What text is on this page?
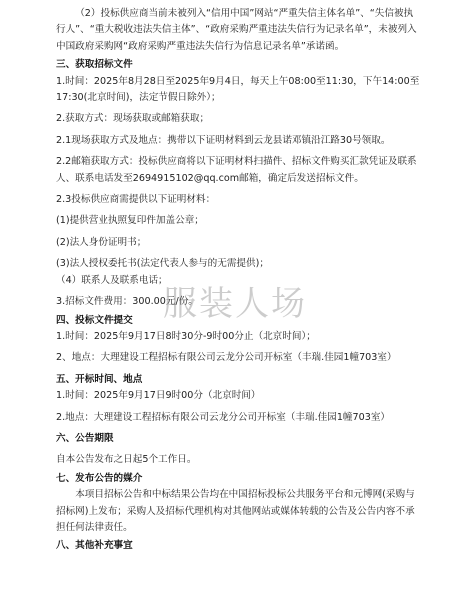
（2）投标供应商当前未被列入“信用中国”网站“严重失信主体名单”、“失信被执行人”、“重大税收违法失信主体”、“政府采购严重违法失信行为记录名单”，未被列入中国政府采购网“政府采购严重违法失信行为信息记录名单”承诺函。

三、获取招标文件

1.时间：2025年8月28日至2025年9月4日，每天上午08:00至11:30，下午14:00至17:30(北京时间)，法定节假日除外）；

2.获取方式：现场获取或邮箱获取；

2.1现场获取方式及地点：携带以下证明材料到云龙县诺邓镇沿江路30号领取。

2.2邮箱获取方式：投标供应商将以下证明材料扫描件、招标文件购买汇款凭证及联系人、联系电话发至2694915102@qq.com邮箱，确定后发送招标文件。

2.3投标供应商需提供以下证明材料：

(1)提供营业执照复印件加盖公章；

(2)法人身份证明书；

(3)法人授权委托书(法定代表人参与的无需提供)；

（4）联系人及联系电话；

3.招标文件费用：300.00元/份。

四、投标文件提交

1.时间：2025年9月17日8时30分-9时00分止（北京时间）；

2、地点：大理建设工程招标有限公司云龙分公司开标室（丰瑞.佳园1幢703室）

五、开标时间、地点

1.时间：2025年9月17日9时00分（北京时间）

2.地点：大理建设工程招标有限公司云龙分公司开标室（丰瑞.佳园1幢703室）

六、公告期限

自本公告发布之日起5个工作日。

七、发布公告的媒介

本项目招标公告和中标结果公告均在中国招标投标公共服务平台和元博网(采购与招标网)上发布；采购人及招标代理机构对其他网站或媒体转载的公告及公告内容不承担任何法律责任。

八、其他补充事宜

服装人场
